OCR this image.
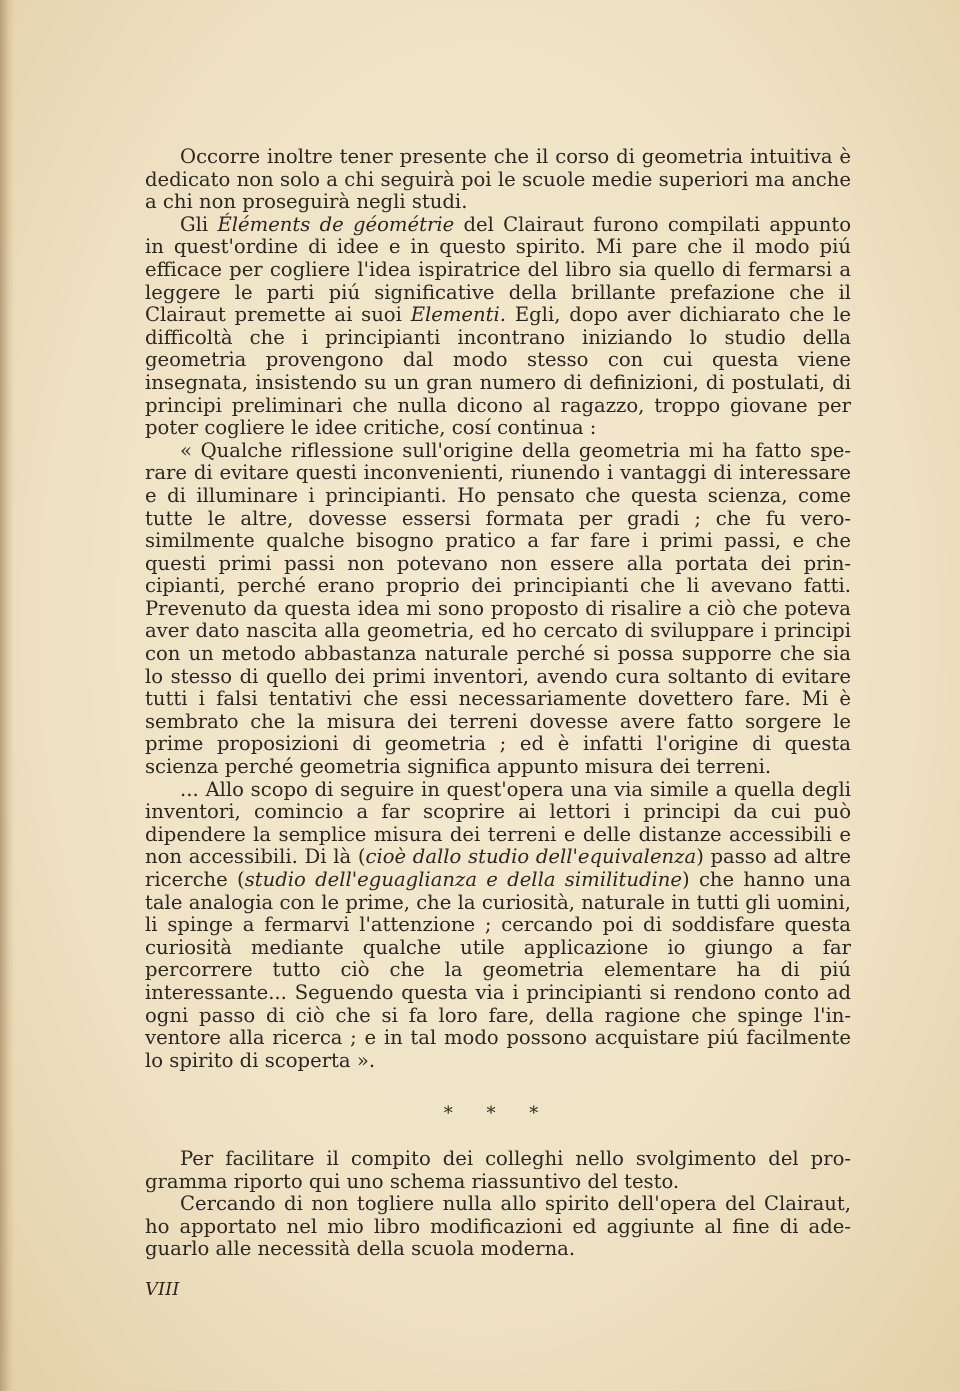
Occorre inoltre tener presente che il corso di geometria intuitiva è dedicato non solo a chi seguirà poi le scuole medie superiori ma anche a chi non proseguirà negli studi.

Gli Éléments de géométrie del Clairaut furono compilati appunto in quest'ordine di idee e in questo spirito. Mi pare che il modo piú efficace per cogliere l'idea ispiratrice del libro sia quello di fermarsi a leggere le parti piú significative della brillante prefazione che il Clairaut premette ai suoi Elementi. Egli, dopo aver dichiarato che le difficoltà che i principianti incontrano iniziando lo studio della geometria provengono dal modo stesso con cui questa viene insegnata, insistendo su un gran numero di definizioni, di postulati, di principi preliminari che nulla dicono al ragazzo, troppo giovane per poter cogliere le idee critiche, cosí continua :

« Qualche riflessione sull'origine della geometria mi ha fatto sperare di evitare questi inconvenienti, riunendo i vantaggi di interessare e di illuminare i principianti. Ho pensato che questa scienza, come tutte le altre, dovesse essersi formata per gradi ; che fu verosimilmente qualche bisogno pratico a far fare i primi passi, e che questi primi passi non potevano non essere alla portata dei principianti, perché erano proprio dei principianti che li avevano fatti. Prevenuto da questa idea mi sono proposto di risalire a ciò che poteva aver dato nascita alla geometria, ed ho cercato di sviluppare i principi con un metodo abbastanza naturale perché si possa supporre che sia lo stesso di quello dei primi inventori, avendo cura soltanto di evitare tutti i falsi tentativi che essi necessariamente dovettero fare. Mi è sembrato che la misura dei terreni dovesse avere fatto sorgere le prime proposizioni di geometria ; ed è infatti l'origine di questa scienza perché geometria significa appunto misura dei terreni.

... Allo scopo di seguire in quest'opera una via simile a quella degli inventori, comincio a far scoprire ai lettori i principi da cui può dipendere la semplice misura dei terreni e delle distanze accessibili e non accessibili. Di là (cioè dallo studio dell'equivalenza) passo ad altre ricerche (studio dell'eguaglianza e della similitudine) che hanno una tale analogia con le prime, che la curiosità, naturale in tutti gli uomini, li spinge a fermarvi l'attenzione ; cercando poi di soddisfare questa curiosità mediante qualche utile applicazione io giungo a far percorrere tutto ciò che la geometria elementare ha di piú interessante... Seguendo questa via i principianti si rendono conto ad ogni passo di ciò che si fa loro fare, della ragione che spinge l'inventore alla ricerca ; e in tal modo possono acquistare piú facilmente lo spirito di scoperta ».

* * *

Per facilitare il compito dei colleghi nello svolgimento del programma riporto qui uno schema riassuntivo del testo.

Cercando di non togliere nulla allo spirito dell'opera del Clairaut, ho apportato nel mio libro modificazioni ed aggiunte al fine di adeguarlo alle necessità della scuola moderna.

VIII
